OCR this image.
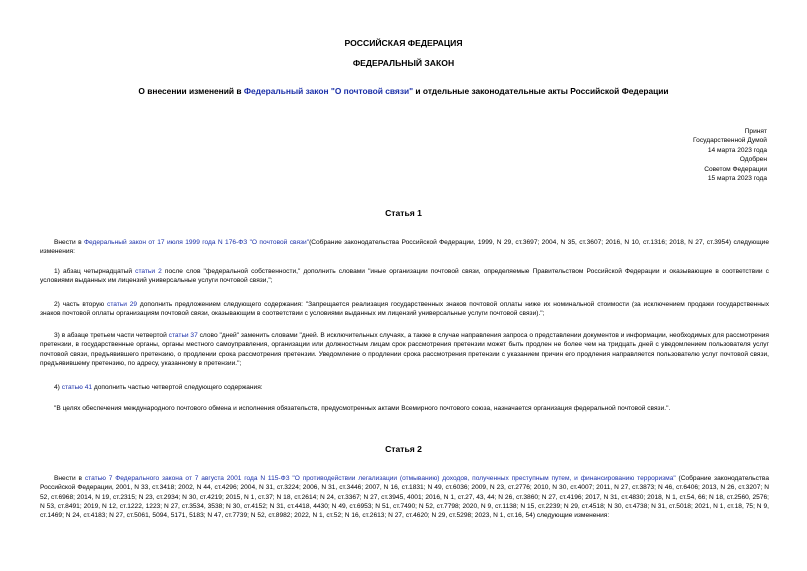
РОССИЙСКАЯ ФЕДЕРАЦИЯ
ФЕДЕРАЛЬНЫЙ ЗАКОН
О внесении изменений в Федеральный закон "О почтовой связи" и отдельные законодательные акты Российской Федерации
Принят
Государственной Думой
14 марта 2023 года
Одобрен
Советом Федерации
15 марта 2023 года
Статья 1
Внести в Федеральный закон от 17 июля 1999 года N 176-ФЗ "О почтовой связи"(Собрание законодательства Российской Федерации, 1999, N 29, ст.3697; 2004, N 35, ст.3607; 2016, N 10, ст.1316; 2018, N 27, ст.3954) следующие изменения:
1) абзац четырнадцатый статьи 2 после слов "федеральной собственности," дополнить словами "иные организации почтовой связи, определяемые Правительством Российской Федерации и оказывающие в соответствии с условиями выданных им лицензий универсальные услуги почтовой связи,";
2) часть вторую статьи 29 дополнить предложением следующего содержания: "Запрещается реализация государственных знаков почтовой оплаты ниже их номинальной стоимости (за исключением продажи государственных знаков почтовой оплаты организациям почтовой связи, оказывающим в соответствии с условиями выданных им лицензий универсальные услуги почтовой связи).";
3) в абзаце третьем части четвертой статьи 37 слово "дней" заменить словами "дней. В исключительных случаях, а также в случае направления запроса о представлении документов и информации, необходимых для рассмотрения претензии, в государственные органы, органы местного самоуправления, организации или должностным лицам срок рассмотрения претензии может быть продлен не более чем на тридцать дней с уведомлением пользователя услуг почтовой связи, предъявившего претензию, о продлении срока рассмотрения претензии. Уведомление о продлении срока рассмотрения претензии с указанием причин его продления направляется пользователю услуг почтовой связи, предъявившему претензию, по адресу, указанному в претензии.";
4) статью 41 дополнить частью четвертой следующего содержания:
"В целях обеспечения международного почтового обмена и исполнения обязательств, предусмотренных актами Всемирного почтового союза, назначается организация федеральной почтовой связи.".
Статья 2
Внести в статью 7 Федерального закона от 7 августа 2001 года N 115-ФЗ "О противодействии легализации (отмыванию) доходов, полученных преступным путем, и финансированию терроризма" (Собрание законодательства Российской Федерации, 2001, N 33, ст.3418; 2002, N 44, ст.4296; 2004, N 31, ст.3224; 2006, N 31, ст.3446; 2007, N 16, ст.1831; N 49, ст.6036; 2009, N 23, ст.2776; 2010, N 30, ст.4007; 2011, N 27, ст.3873; N 46, ст.6406; 2013, N 26, ст.3207; N 52, ст.6968; 2014, N 19, ст.2315; N 23, ст.2934; N 30, ст.4219; 2015, N 1, ст.37; N 18, ст.2614; N 24, ст.3367; N 27, ст.3945, 4001; 2016, N 1, ст.27, 43, 44; N 26, ст.3860; N 27, ст.4196; 2017, N 31, ст.4830; 2018, N 1, ст.54, 66; N 18, ст.2560, 2576; N 53, ст.8491; 2019, N 12, ст.1222, 1223; N 27, ст.3534, 3538; N 30, ст.4152; N 31, ст.4418, 4430; N 49, ст.6953; N 51, ст.7490; N 52, ст.7798; 2020, N 9, ст.1138; N 15, ст.2239; N 29, ст.4518; N 30, ст.4738; N 31, ст.5018; 2021, N 1, ст.18, 75; N 9, ст.1469; N 24, ст.4183; N 27, ст.5061, 5094, 5171, 5183; N 47, ст.7739; N 52, ст.8982; 2022, N 1, ст.52; N 16, ст.2613; N 27, ст.4620; N 29, ст.5298; 2023, N 1, ст.16, 54) следующие изменения:
